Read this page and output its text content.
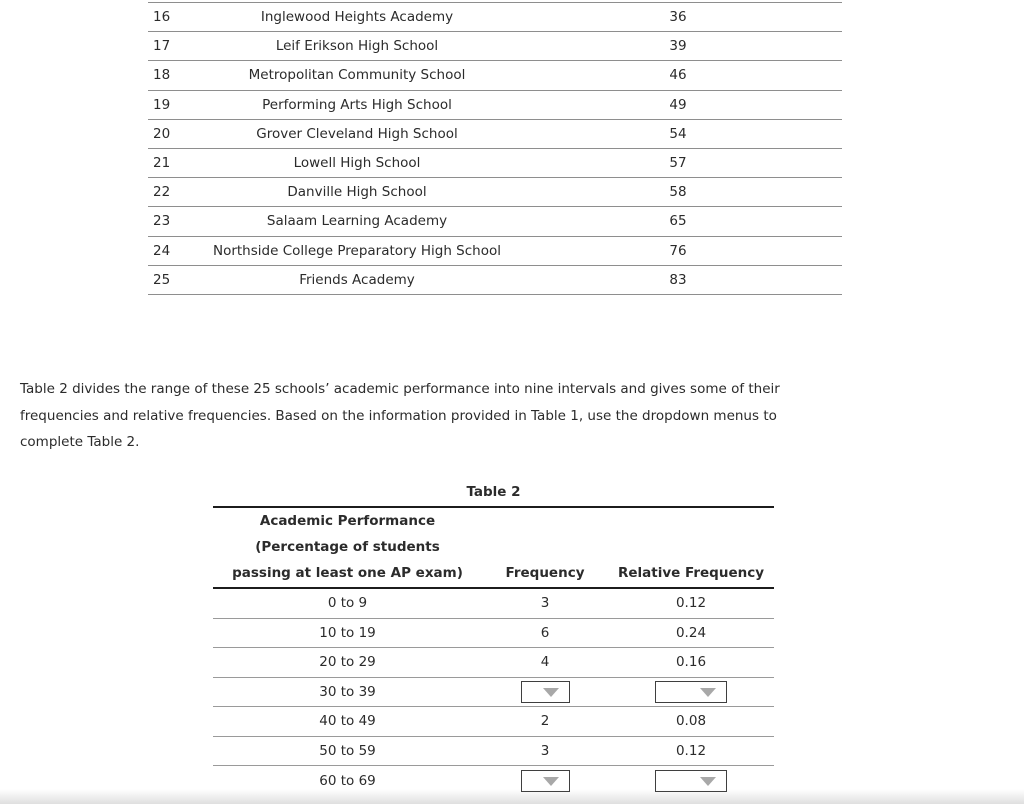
16	Inglewood Heights Academy	36
17	Leif Erikson High School	39
18	Metropolitan Community School	46
19	Performing Arts High School	49
20	Grover Cleveland High School	54
21	Lowell High School	57
22	Danville High School	58
23	Salaam Learning Academy	65
24	Northside College Preparatory High School	76
25	Friends Academy	83
Table 2 divides the range of these 25 schools’ academic performance into nine intervals and gives some of their
frequencies and relative frequencies. Based on the information provided in Table 1, use the dropdown menus to
complete Table 2.
Table 2
Academic Performance
(Percentage of students
passing at least one AP exam)	Frequency	Relative Frequency
0 to 9	3	0.12
10 to 19	6	0.24
20 to 29	4	0.16
30 to 39
40 to 49	2	0.08
50 to 59	3	0.12
60 to 69
